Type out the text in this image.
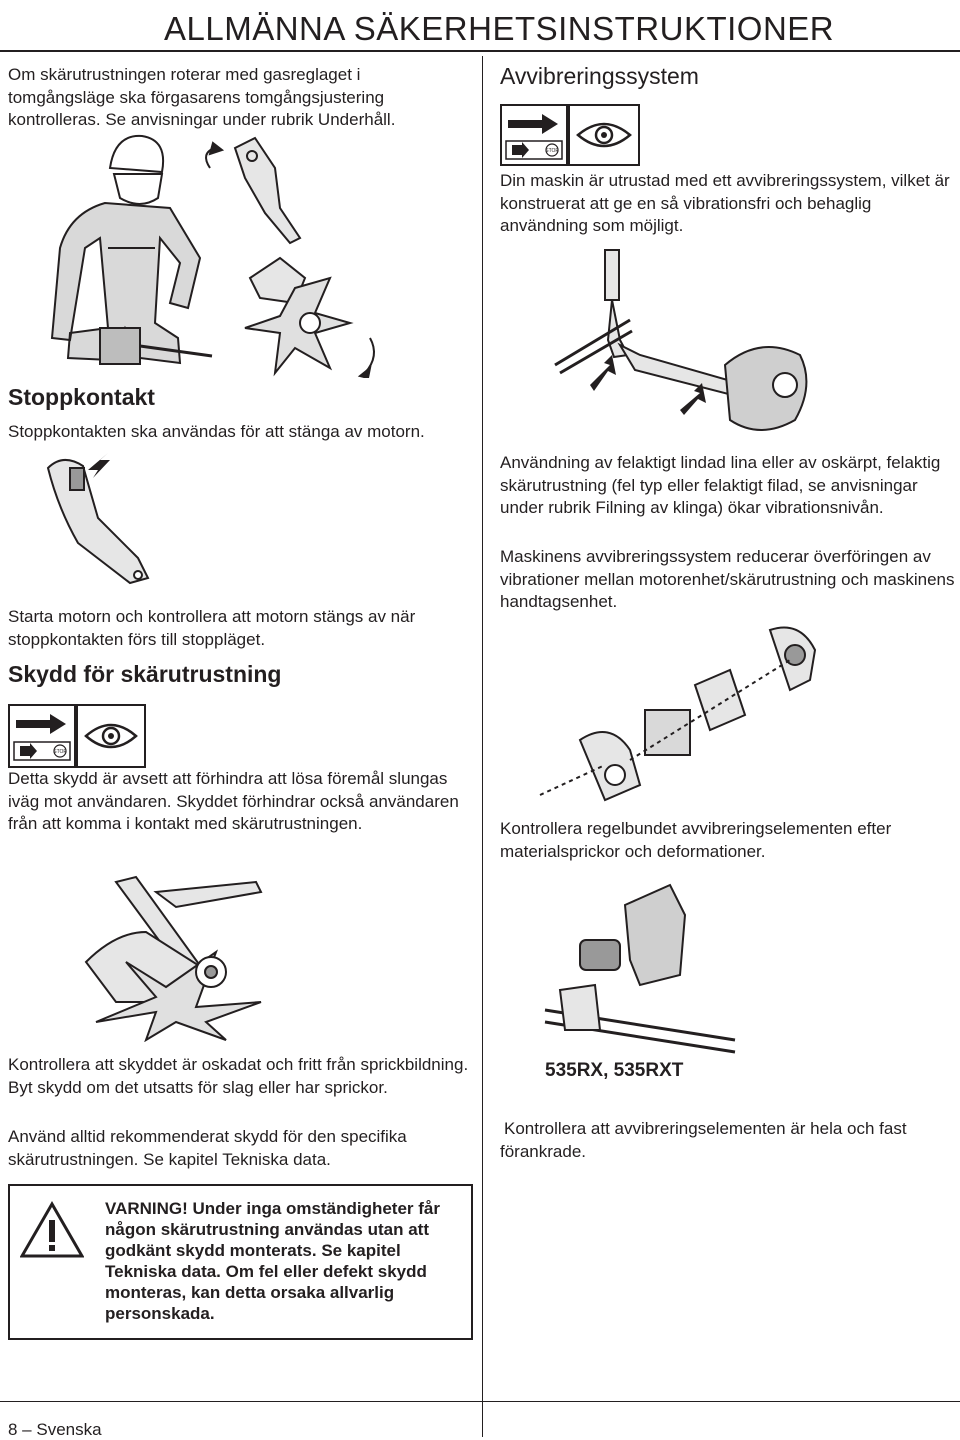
ALLMÄNNA SÄKERHETSINSTRUKTIONER

Om skärutrustningen roterar med gasreglaget i tomgångsläge ska förgasarens tomgångsjustering kontrolleras. Se anvisningar under rubrik Underhåll.

Stoppkontakt

Stoppkontakten ska användas för att stänga av motorn.

Starta motorn och kontrollera att motorn stängs av när stoppkontakten förs till stoppläget.

Skydd för skärutrustning
STOP

Detta skydd är avsett att förhindra att lösa föremål slungas iväg mot användaren. Skyddet förhindrar också användaren från att komma i kontakt med skärutrustningen.

Kontrollera att skyddet är oskadat och fritt från sprickbildning. Byt skydd om det utsatts för slag eller har sprickor.

Använd alltid rekommenderat skydd för den specifika skärutrustningen. Se kapitel Tekniska data.

VARNING! Under inga omständigheter får någon skärutrustning användas utan att godkänt skydd monterats. Se kapitel Tekniska data. Om fel eller defekt skydd monteras, kan detta orsaka allvarlig personskada.
Avvibreringssystem
STOP

Din maskin är utrustad med ett avvibreringssystem, vilket är konstruerat att ge en så vibrationsfri och behaglig användning som möjligt.

Användning av felaktigt lindad lina eller av oskärpt, felaktig skärutrustning (fel typ eller felaktigt filad, se anvisningar under rubrik Filning av klinga) ökar vibrationsnivån.

Maskinens avvibreringssystem reducerar överföringen av vibrationer mellan motorenhet/skärutrustning och maskinens handtagsenhet.

Kontrollera regelbundet avvibreringselementen efter materialsprickor och deformationer.

535RX, 535RXT

Kontrollera att avvibreringselementen är hela och fast förankrade.

8 – Svenska
